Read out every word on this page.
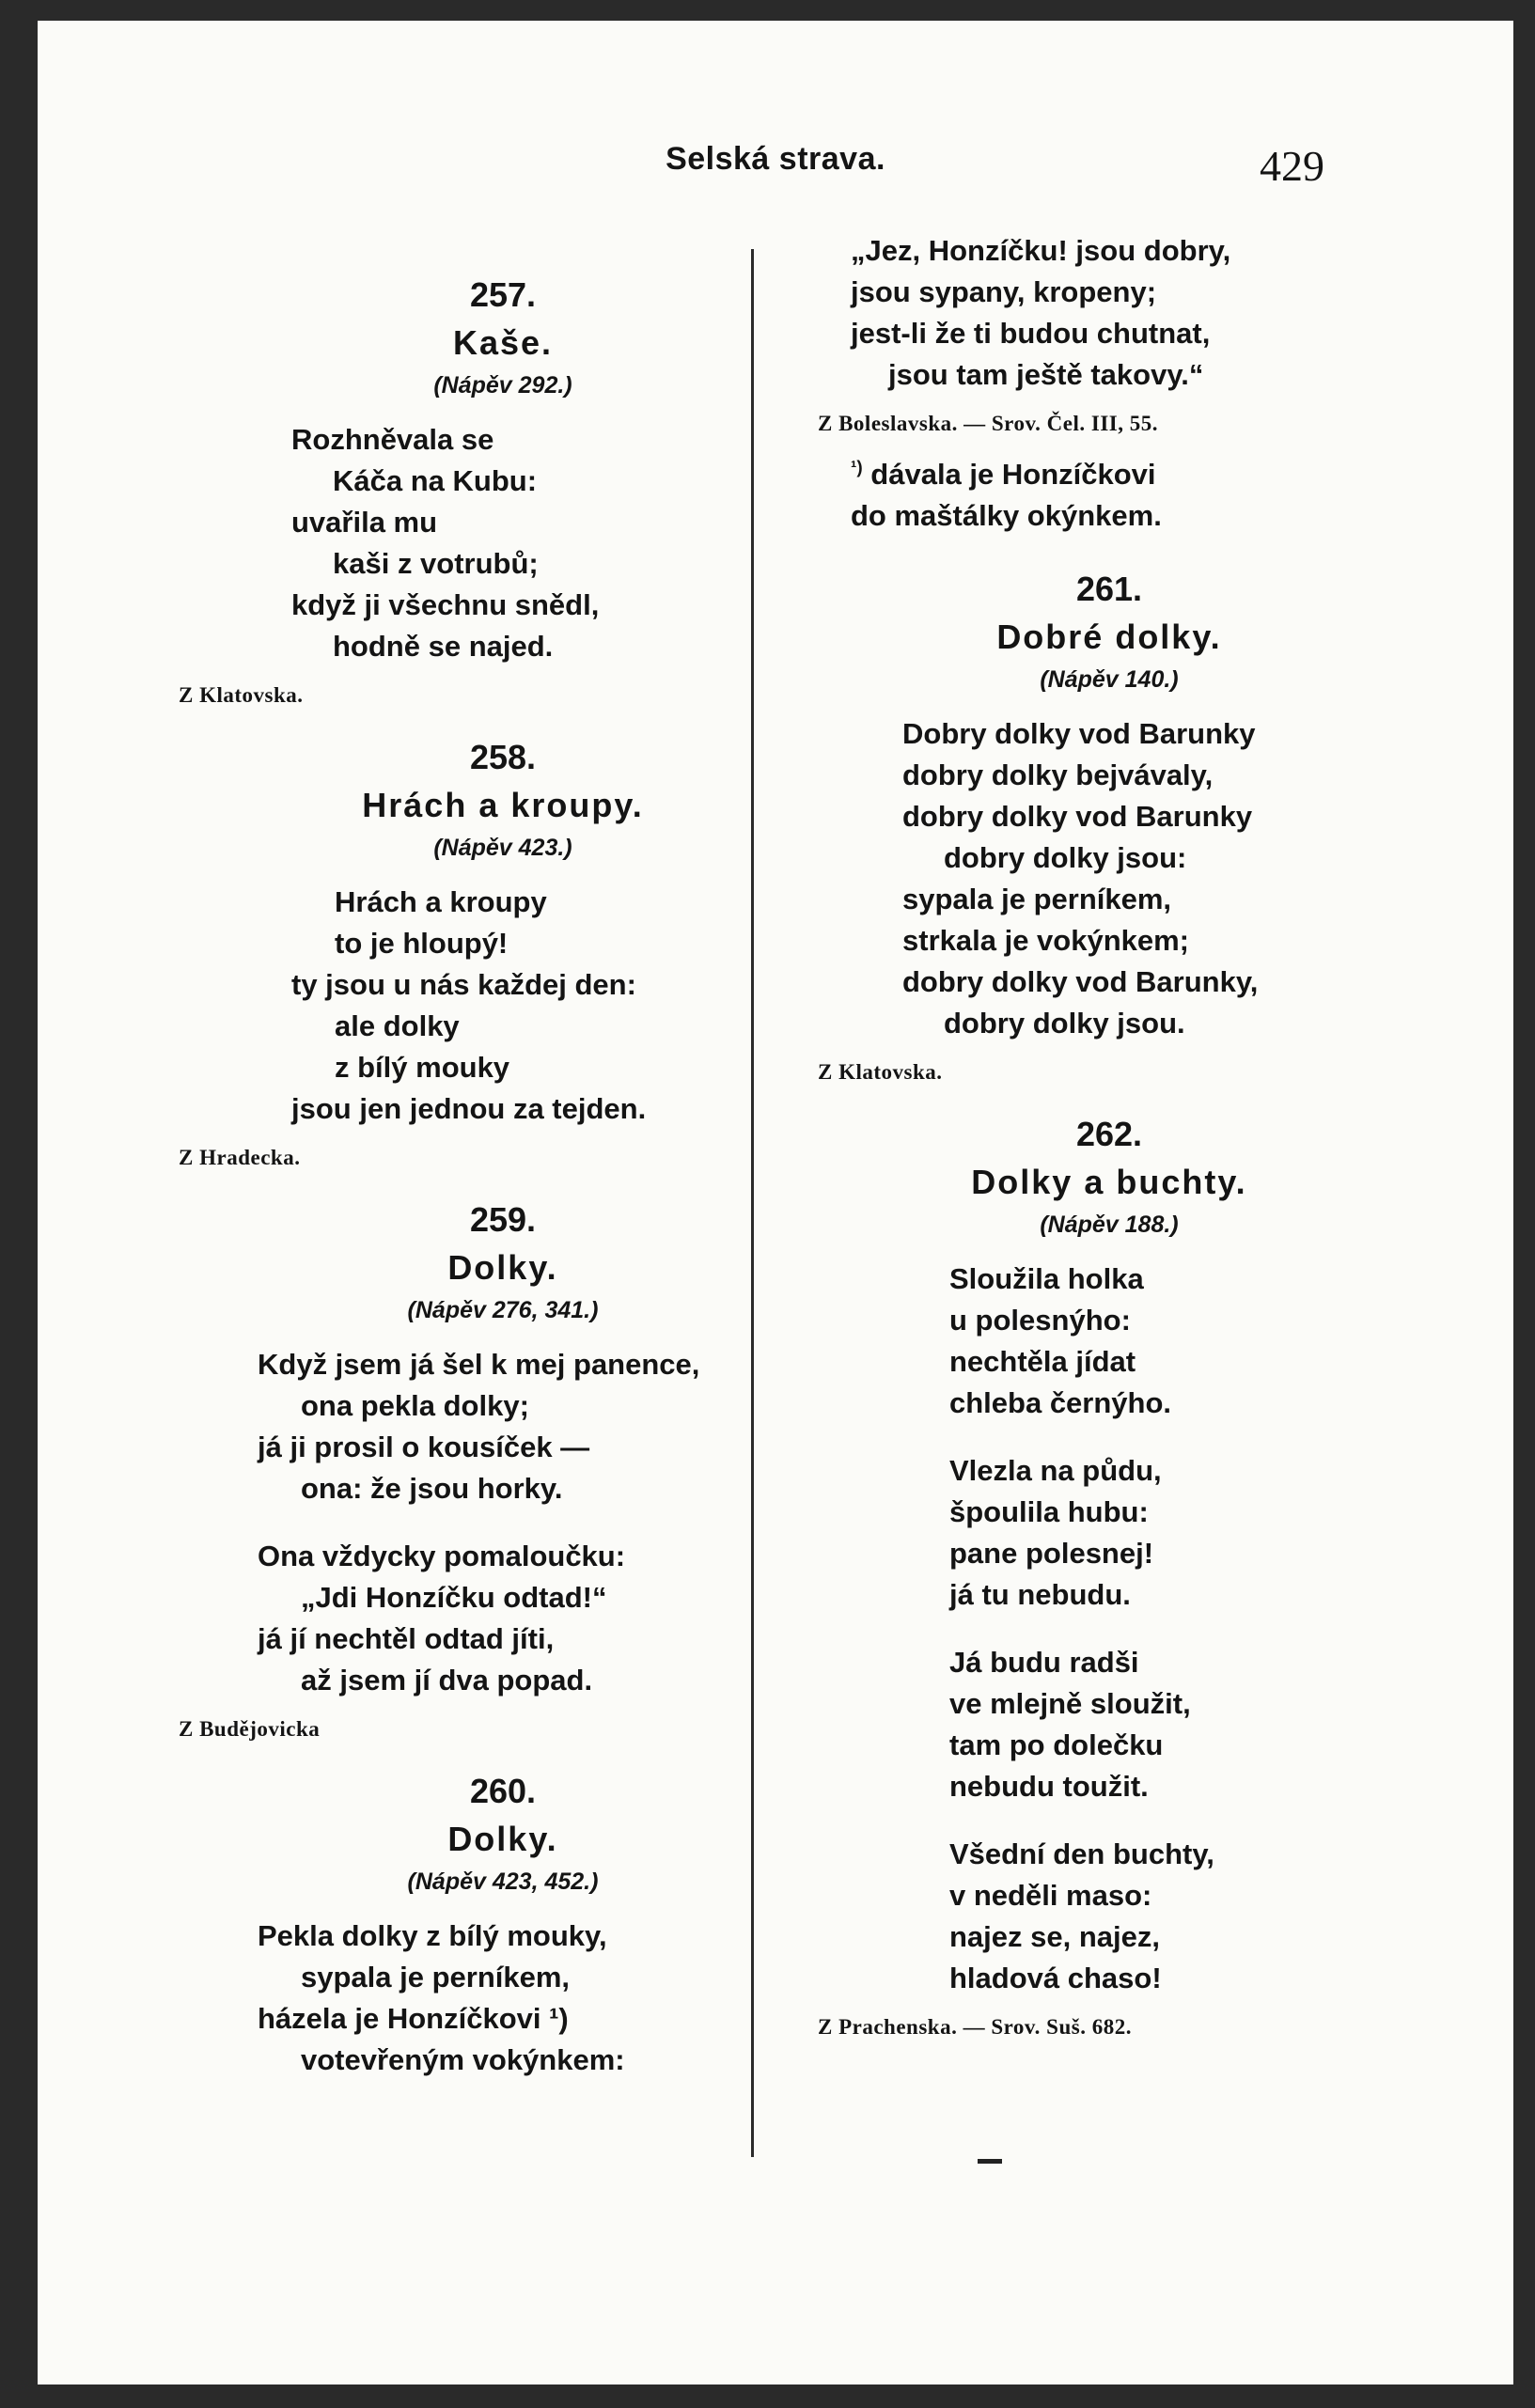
Selská strava.	429
257.
Kaše.
(Nápěv 292.)
Rozhněvala se
Káča na Kubu:
uvařila mu
kaši z votrubů;
když ji všechnu snědl,
hodně se najed.
Z Klatovska.
258.
Hrách a kroupy.
(Nápěv 423.)
Hrách a kroupy
to je hloupý!
ty jsou u nás každej den:
ale dolky
z bílý mouky
jsou jen jednou za tejden.
Z Hradecka.
259.
Dolky.
(Nápěv 276, 341.)
Když jsem já šel k mej panence,
ona pekla dolky;
já ji prosil o kousíček —
ona: že jsou horky.
Ona vždycky pomaloučku:
„Jdi Honzíčku odtad!“
já jí nechtěl odtad jíti,
až jsem jí dva popad.
Z Budějovicka
260.
Dolky.
(Nápěv 423, 452.)
Pekla dolky z bílý mouky,
sypala je perníkem,
házela je Honzíčkovi ¹)
votevřeným vokýnkem:
„Jez, Honzíčku! jsou dobry,
jsou sypany, kropeny;
jest-li že ti budou chutnat,
jsou tam ještě takovy.“
Z Boleslavska. — Srov. Čel. III, 55.
$^{^1)}$ dávala je Honzíčkovi
do maštálky okýnkem.
261.
Dobré dolky.
(Nápěv 140.)
Dobry dolky vod Barunky
dobry dolky bejvávaly,
dobry dolky vod Barunky
dobry dolky jsou:
sypala je perníkem,
strkala je vokýnkem;
dobry dolky vod Barunky,
dobry dolky jsou.
Z Klatovska.
262.
Dolky a buchty.
(Nápěv 188.)
Sloužila holka
u polesnýho:
nechtěla jídat
chleba černýho.
Vlezla na půdu,
špoulila hubu:
pane polesnej!
já tu nebudu.
Já budu radši
ve mlejně sloužit,
tam po dolečku
nebudu toužit.
Všední den buchty,
v neděli maso:
najez se, najez,
hladová chaso!
Z Prachenska. — Srov. Suš. 682.
